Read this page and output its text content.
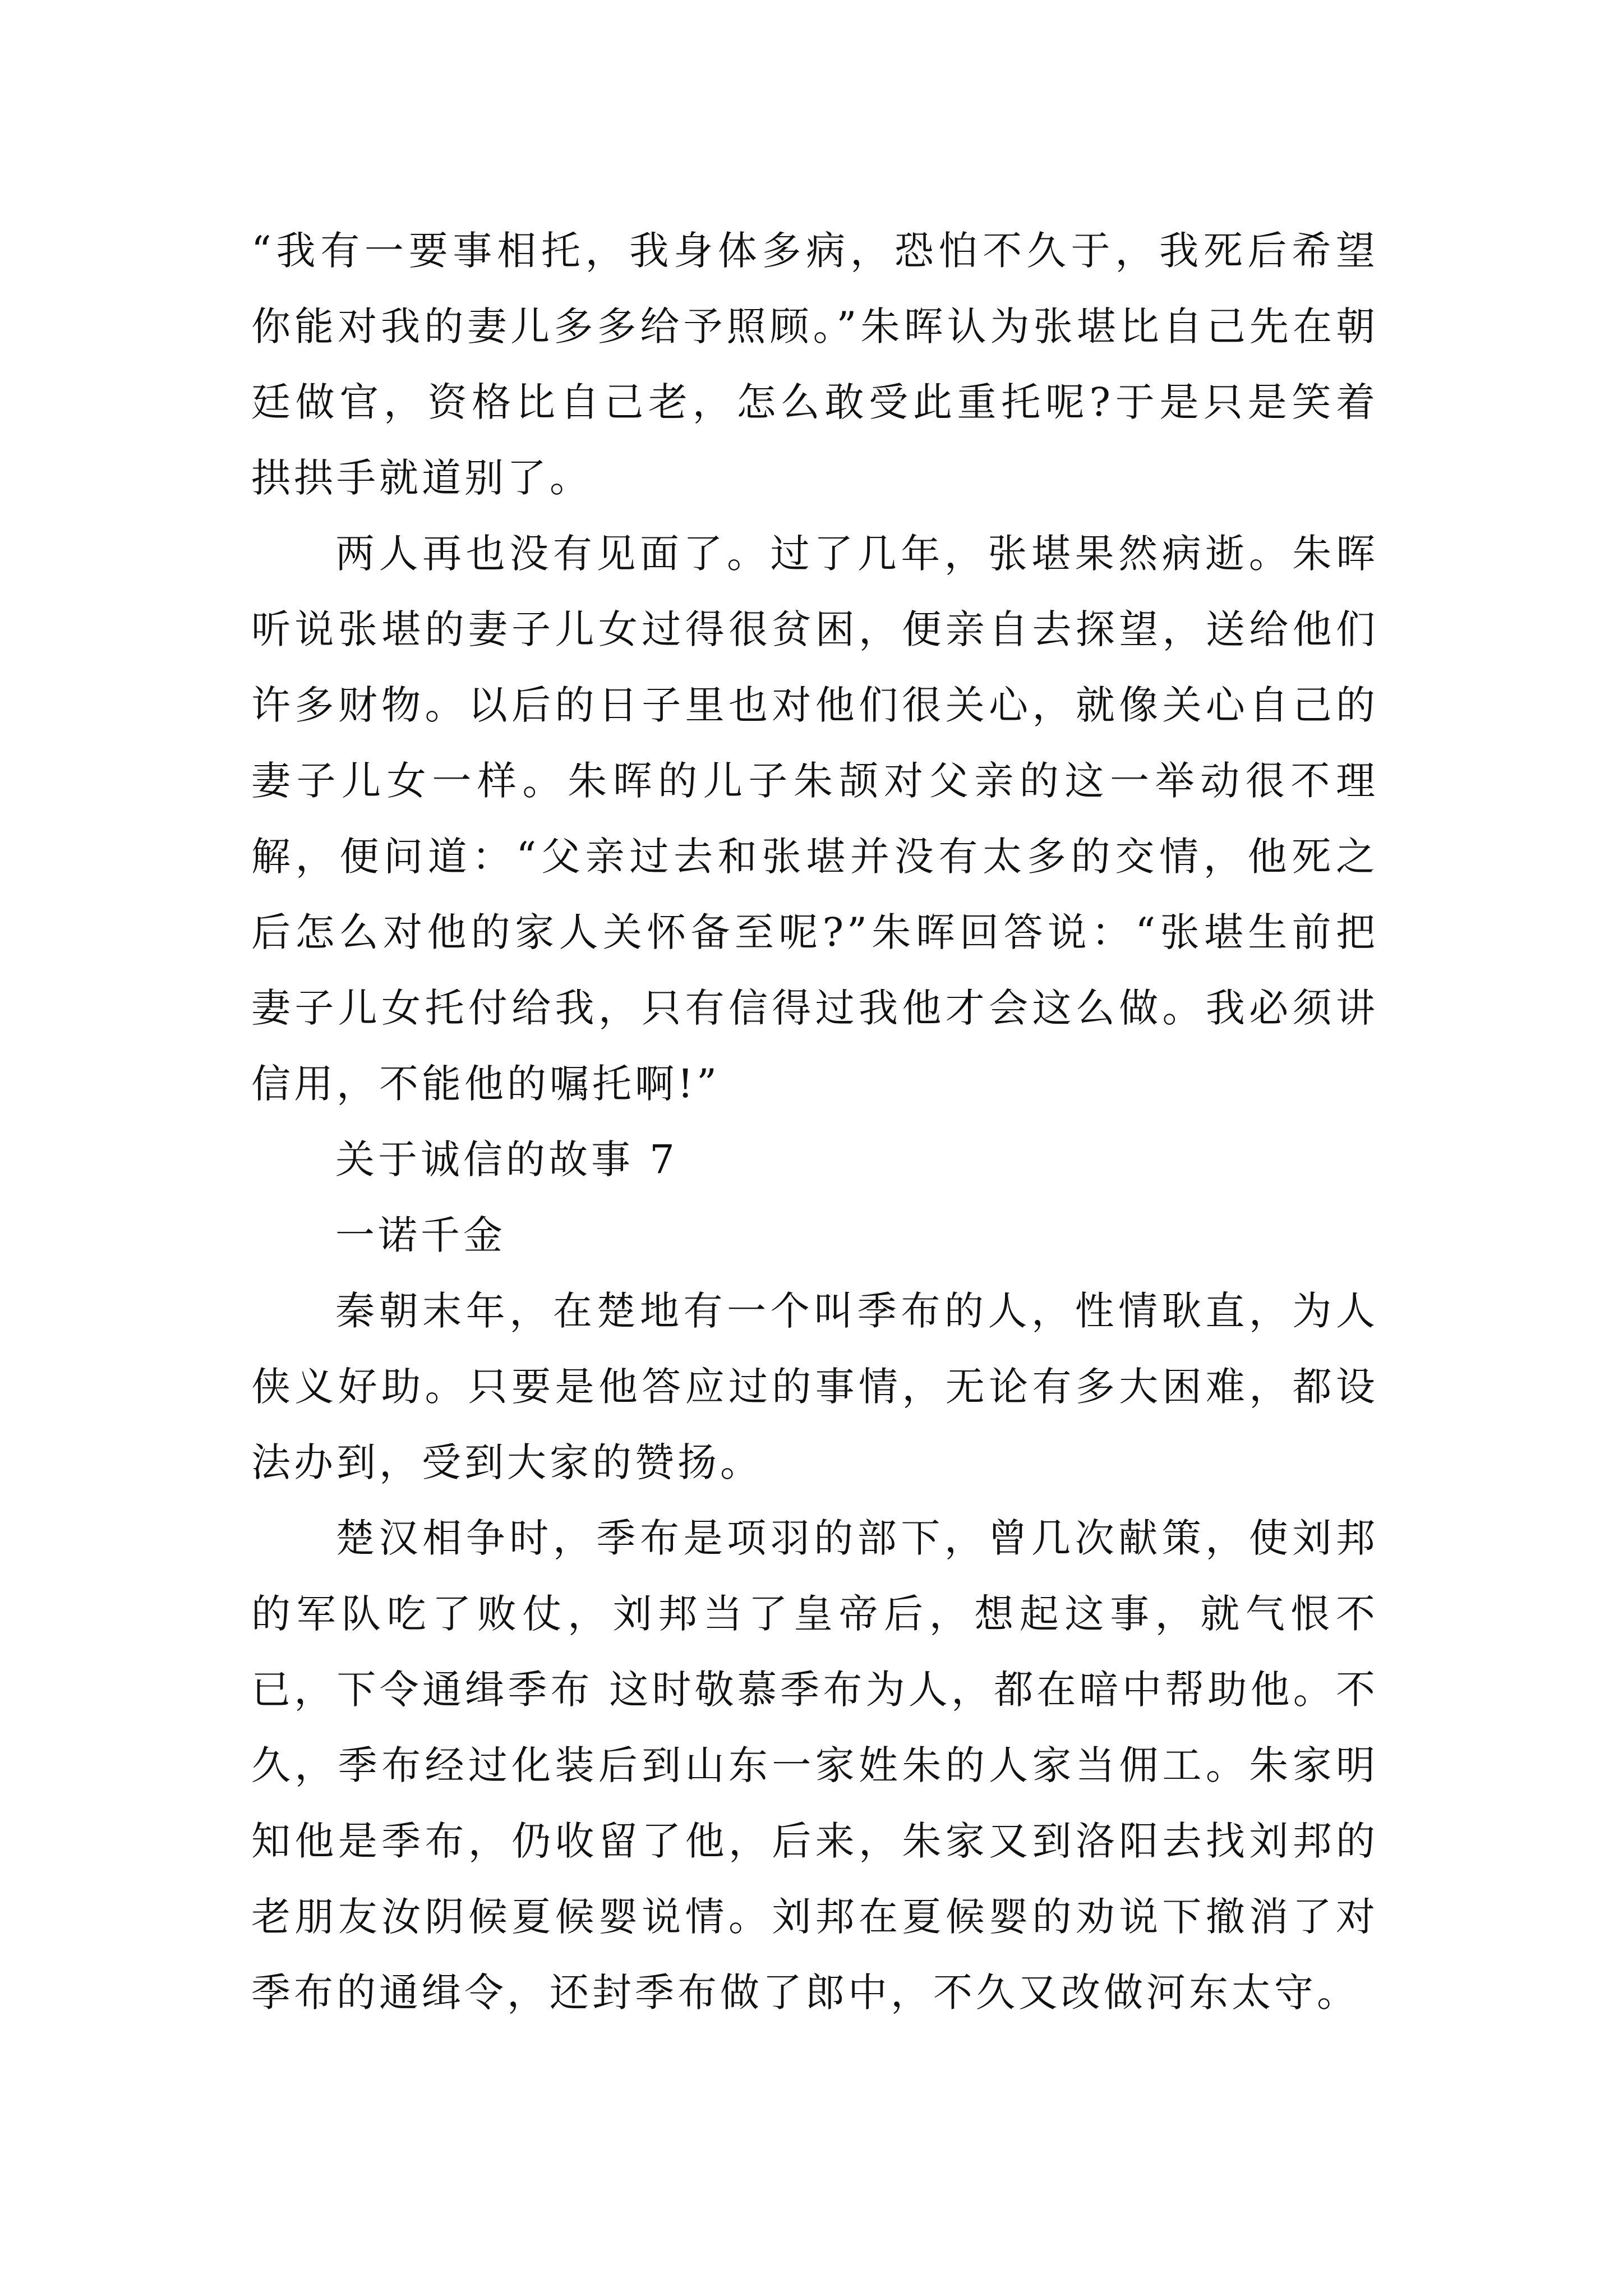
“我有一要事相托，我身体多病，恐怕不久于，我死后希望你能对我的妻儿多多给予照顾。”朱晖认为张堪比自己先在朝廷做官，资格比自己老，怎么敢受此重托呢?于是只是笑着拱拱手就道别了。

两人再也没有见面了。过了几年，张堪果然病逝。朱晖听说张堪的妻子儿女过得很贫困，便亲自去探望，送给他们许多财物。以后的日子里也对他们很关心，就像关心自己的妻子儿女一样。朱晖的儿子朱颉对父亲的这一举动很不理解，便问道：“父亲过去和张堪并没有太多的交情，他死之后怎么对他的家人关怀备至呢?”朱晖回答说：“张堪生前把妻子儿女托付给我，只有信得过我他才会这么做。我必须讲信用，不能他的嘱托啊!”

关于诚信的故事 7

一诺千金

秦朝末年，在楚地有一个叫季布的人，性情耿直，为人侠义好助。只要是他答应过的事情，无论有多大困难，都设法办到，受到大家的赞扬。

楚汉相争时，季布是项羽的部下，曾几次献策，使刘邦的军队吃了败仗，刘邦当了皇帝后，想起这事，就气恨不已，下令通缉季布 这时敬慕季布为人，都在暗中帮助他。不久，季布经过化装后到山东一家姓朱的人家当佣工。朱家明知他是季布，仍收留了他，后来，朱家又到洛阳去找刘邦的老朋友汝阴候夏候婴说情。刘邦在夏候婴的劝说下撤消了对季布的通缉令，还封季布做了郎中，不久又改做河东太守。
